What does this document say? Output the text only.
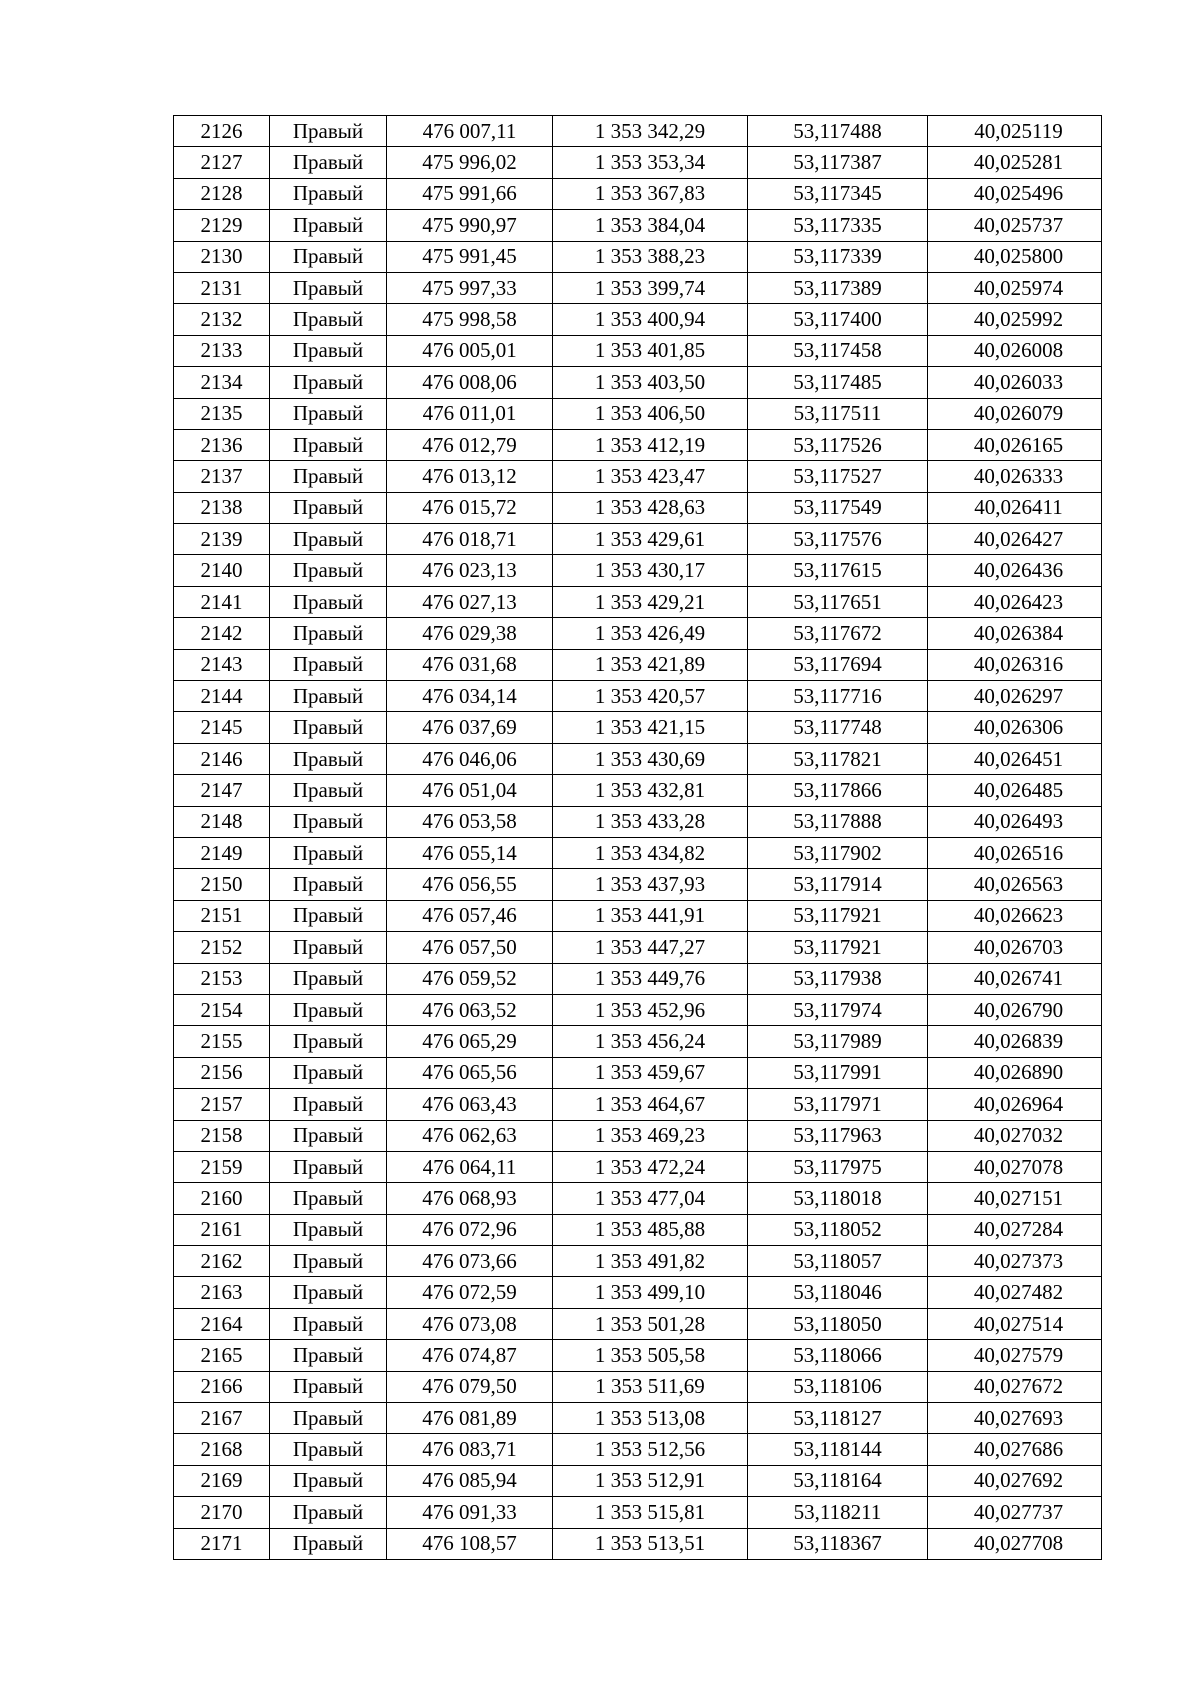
2126	Правый	476 007,11	1 353 342,29	53,117488	40,025119
2127	Правый	475 996,02	1 353 353,34	53,117387	40,025281
2128	Правый	475 991,66	1 353 367,83	53,117345	40,025496
2129	Правый	475 990,97	1 353 384,04	53,117335	40,025737
2130	Правый	475 991,45	1 353 388,23	53,117339	40,025800
2131	Правый	475 997,33	1 353 399,74	53,117389	40,025974
2132	Правый	475 998,58	1 353 400,94	53,117400	40,025992
2133	Правый	476 005,01	1 353 401,85	53,117458	40,026008
2134	Правый	476 008,06	1 353 403,50	53,117485	40,026033
2135	Правый	476 011,01	1 353 406,50	53,117511	40,026079
2136	Правый	476 012,79	1 353 412,19	53,117526	40,026165
2137	Правый	476 013,12	1 353 423,47	53,117527	40,026333
2138	Правый	476 015,72	1 353 428,63	53,117549	40,026411
2139	Правый	476 018,71	1 353 429,61	53,117576	40,026427
2140	Правый	476 023,13	1 353 430,17	53,117615	40,026436
2141	Правый	476 027,13	1 353 429,21	53,117651	40,026423
2142	Правый	476 029,38	1 353 426,49	53,117672	40,026384
2143	Правый	476 031,68	1 353 421,89	53,117694	40,026316
2144	Правый	476 034,14	1 353 420,57	53,117716	40,026297
2145	Правый	476 037,69	1 353 421,15	53,117748	40,026306
2146	Правый	476 046,06	1 353 430,69	53,117821	40,026451
2147	Правый	476 051,04	1 353 432,81	53,117866	40,026485
2148	Правый	476 053,58	1 353 433,28	53,117888	40,026493
2149	Правый	476 055,14	1 353 434,82	53,117902	40,026516
2150	Правый	476 056,55	1 353 437,93	53,117914	40,026563
2151	Правый	476 057,46	1 353 441,91	53,117921	40,026623
2152	Правый	476 057,50	1 353 447,27	53,117921	40,026703
2153	Правый	476 059,52	1 353 449,76	53,117938	40,026741
2154	Правый	476 063,52	1 353 452,96	53,117974	40,026790
2155	Правый	476 065,29	1 353 456,24	53,117989	40,026839
2156	Правый	476 065,56	1 353 459,67	53,117991	40,026890
2157	Правый	476 063,43	1 353 464,67	53,117971	40,026964
2158	Правый	476 062,63	1 353 469,23	53,117963	40,027032
2159	Правый	476 064,11	1 353 472,24	53,117975	40,027078
2160	Правый	476 068,93	1 353 477,04	53,118018	40,027151
2161	Правый	476 072,96	1 353 485,88	53,118052	40,027284
2162	Правый	476 073,66	1 353 491,82	53,118057	40,027373
2163	Правый	476 072,59	1 353 499,10	53,118046	40,027482
2164	Правый	476 073,08	1 353 501,28	53,118050	40,027514
2165	Правый	476 074,87	1 353 505,58	53,118066	40,027579
2166	Правый	476 079,50	1 353 511,69	53,118106	40,027672
2167	Правый	476 081,89	1 353 513,08	53,118127	40,027693
2168	Правый	476 083,71	1 353 512,56	53,118144	40,027686
2169	Правый	476 085,94	1 353 512,91	53,118164	40,027692
2170	Правый	476 091,33	1 353 515,81	53,118211	40,027737
2171	Правый	476 108,57	1 353 513,51	53,118367	40,027708
